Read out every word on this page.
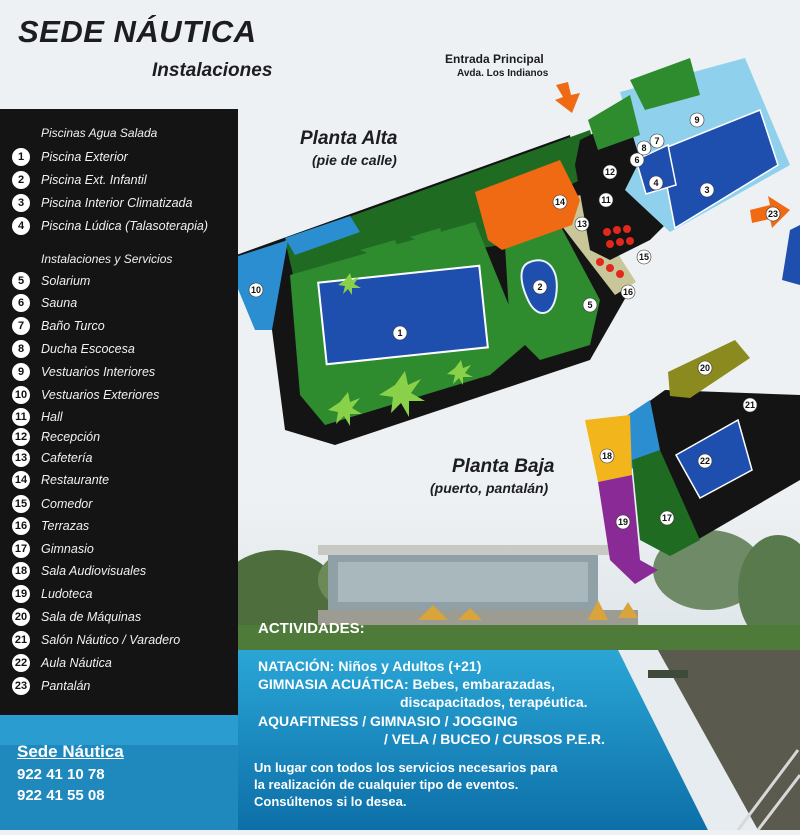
1
2
3
4
5
6
7
8
9
10
11
12
13
14
15
16
17
18
19
20
21
22
23
SEDE NÁUTICA
Instalaciones
Entrada Principal
Avda. Los Indianos
Planta Alta
(pie de calle)
Planta Baja
(puerto, pantalán)
Piscinas Agua Salada
Instalaciones y Servicios
1	Piscina Exterior
2	Piscina Ext. Infantil
3	Piscina Interior Climatizada
4	Piscina Lúdica (Talasoterapia)
5	Solarium
6	Sauna
7	Baño Turco
8	Ducha Escocesa
9	Vestuarios Interiores
10 Vestuarios Exteriores
11 Hall
12 Recepción
13 Cafetería
14 Restaurante
15 Comedor
16 Terrazas
17 Gimnasio
18 Sala Audiovisuales
19 Ludoteca
20 Sala de Máquinas
21 Salón Náutico / Varadero
22 Aula Náutica
23 Pantalán
Sede Náutica
922 41 10 78
922 41 55 08
ACTIVIDADES:
NATACIÓN: Niños y Adultos (+21)
GIMNASIA ACUÁTICA: Bebes, embarazadas,
discapacitados, terapéutica.
AQUAFITNESS / GIMNASIO / JOGGING
/ VELA / BUCEO / CURSOS P.E.R.
Un lugar con todos los servicios necesarios para
la realización de cualquier tipo de eventos.
Consúltenos si lo desea.
